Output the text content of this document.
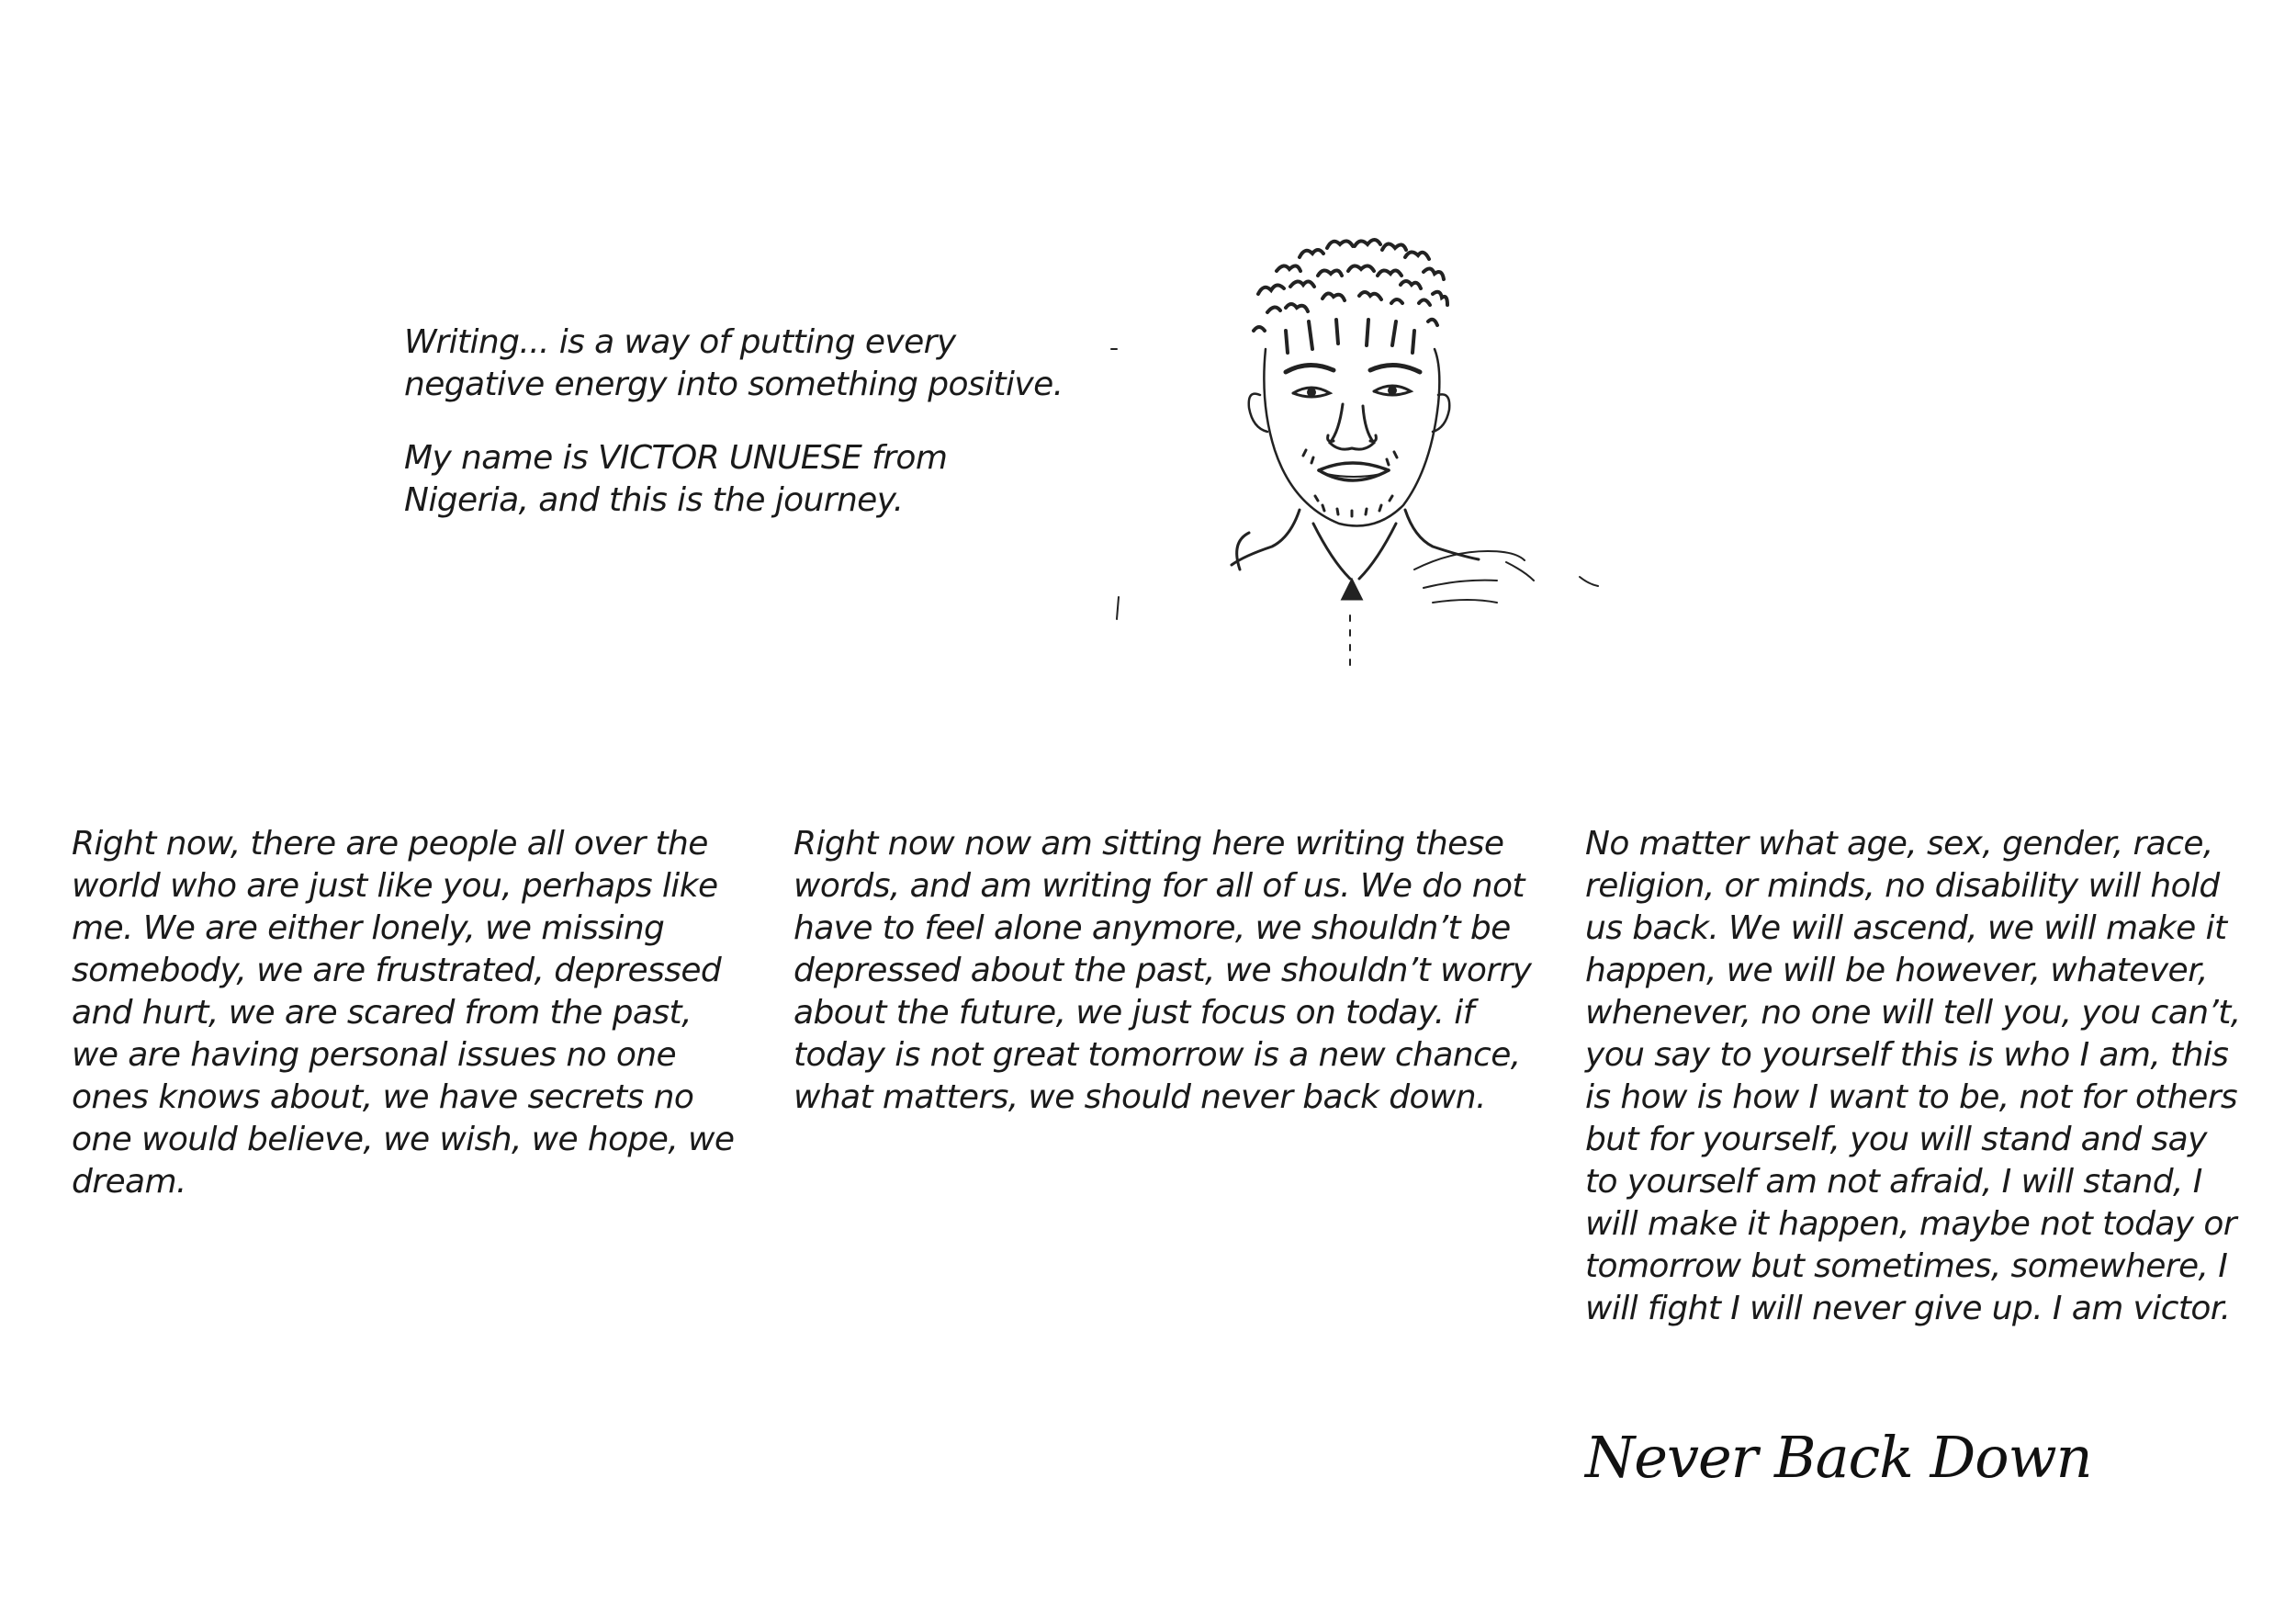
Writing... is a way of putting every
negative energy into something positive.

My name is VICTOR UNUESE from
Nigeria, and this is the journey.

Right now, there are people all over the
world who are just like you, perhaps like
me. We are either lonely, we missing
somebody, we are frustrated, depressed
and hurt, we are scared from the past,
we are having personal issues no one
ones knows about, we have secrets no
one would believe, we wish, we hope, we
dream.
Right now now am sitting here writing these
words, and am writing for all of us. We do not
have to feel alone anymore, we shouldn’t be
depressed about the past, we shouldn’t worry
about the future, we just focus on today. if
today is not great tomorrow is a new chance,
what matters, we should never back down.
No matter what age, sex, gender, race,
religion, or minds, no disability will hold
us back. We will ascend, we will make it
happen, we will be however, whatever,
whenever, no one will tell you, you can’t,
you say to yourself this is who I am, this
is how is how I want to be, not for others
but for yourself, you will stand and say
to yourself am not afraid, I will stand, I
will make it happen, maybe not today or
tomorrow but sometimes, somewhere, I
will fight I will never give up. I am victor.
Never Back Down
